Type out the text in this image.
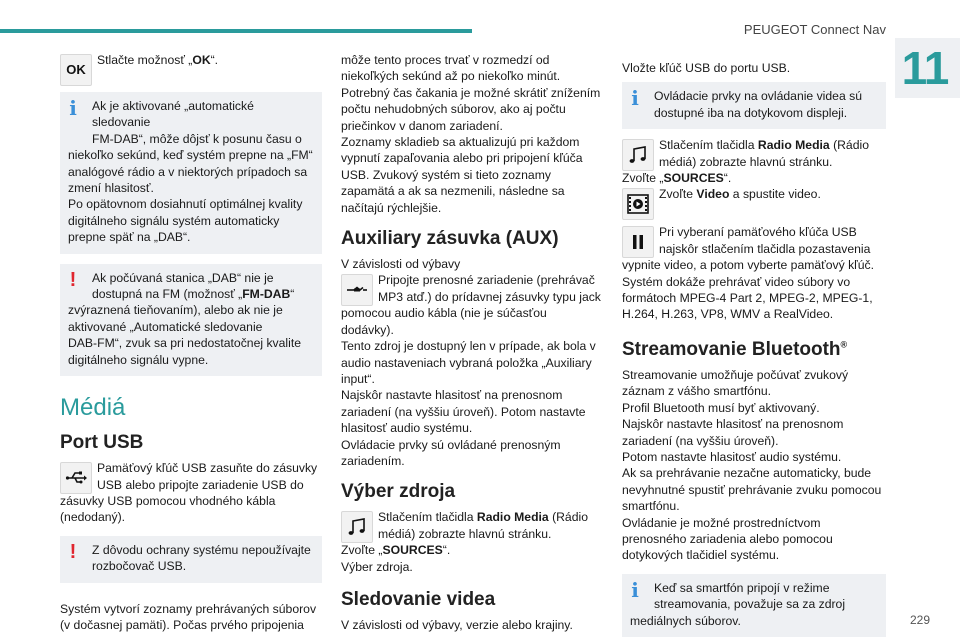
PEUGEOT Connect Nav
11
229
OK

Stlačte možnosť „OK“.

i	Ak je aktivované „automatické sledovanie

FM-DAB“, môže dôjsť k posunu času o

niekoľko sekúnd, keď systém prepne na „FM“

analógové rádio a v niektorých prípadoch sa

zmení hlasitosť.

Po opätovnom dosiahnutí optimálnej kvality

digitálneho signálu systém automaticky

prepne späť na „DAB“.

!	Ak počúvaná stanica „DAB“ nie je

dostupná na FM (možnosť „FM-DAB“

zvýraznená tieňovaním), alebo ak nie je

aktivované „Automatické sledovanie

DAB-FM“, zvuk sa pri nedostatočnej kvalite

digitálneho signálu vypne.

Médiá
Port USB

Pamäťový kľúč USB zasuňte do zásuvky

USB alebo pripojte zariadenie USB do

zásuvky USB pomocou vhodného kábla

(nedodaný).

!	Z dôvodu ochrany systému nepoužívajte

rozbočovač USB.

Systém vytvorí zoznamy prehrávaných súborov

(v dočasnej pamäti). Počas prvého pripojenia

môže tento proces trvať v rozmedzí od

niekoľkých sekúnd až po niekoľko minút.

Potrebný čas čakania je možné skrátiť znížením

počtu nehudobných súborov, ako aj počtu

priečinkov v danom zariadení.

Zoznamy skladieb sa aktualizujú pri každom

vypnutí zapaľovania alebo pri pripojení kľúča

USB. Zvukový systém si tieto zoznamy

zapamätá a ak sa nezmenili, následne sa

načítajú rýchlejšie.

Auxiliary zásuvka (AUX)

V závislosti od výbavy

Pripojte prenosné zariadenie (prehrávač

MP3 atď.) do prídavnej zásuvky typu jack

pomocou audio kábla (nie je súčasťou dodávky).

Tento zdroj je dostupný len v prípade, ak bola v

audio nastaveniach vybraná položka „Auxiliary

input“.

Najskôr nastavte hlasitosť na prenosnom

zariadení (na vyššiu úroveň). Potom nastavte

hlasitosť audio systému.

Ovládacie prvky sú ovládané prenosným

zariadením.

Výber zdroja

Stlačením tlačidla Radio Media (Rádio

médiá) zobrazte hlavnú stránku.

Zvoľte „SOURCES“.

Výber zdroja.

Sledovanie videa

V závislosti od výbavy, verzie alebo krajiny.

Vložte kľúč USB do portu USB.

i	Ovládacie prvky na ovládanie videa sú

dostupné iba na dotykovom displeji.

Stlačením tlačidla Radio Media (Rádio

médiá) zobrazte hlavnú stránku.

Zvoľte „SOURCES“.

Zvoľte Video a spustite video.

Pri vyberaní pamäťového kľúča USB

najskôr stlačením tlačidla pozastavenia

vypnite video, a potom vyberte pamäťový kľúč.

Systém dokáže prehrávať video súbory vo

formátoch MPEG-4 Part 2, MPEG-2, MPEG-1,

H.264, H.263, VP8, WMV a RealVideo.

Streamovanie Bluetooth®

Streamovanie umožňuje počúvať zvukový

záznam z vášho smartfónu.

Profil Bluetooth musí byť aktivovaný.

Najskôr nastavte hlasitosť na prenosnom

zariadení (na vyššiu úroveň).

Potom nastavte hlasitosť audio systému.

Ak sa prehrávanie nezačne automaticky, bude

nevyhnutné spustiť prehrávanie zvuku pomocou

smartfónu.

Ovládanie je možné prostredníctvom

prenosného zariadenia alebo pomocou

dotykových tlačidiel systému.

i	Keď sa smartfón pripojí v režime

streamovania, považuje sa za zdroj

mediálnych súborov.
